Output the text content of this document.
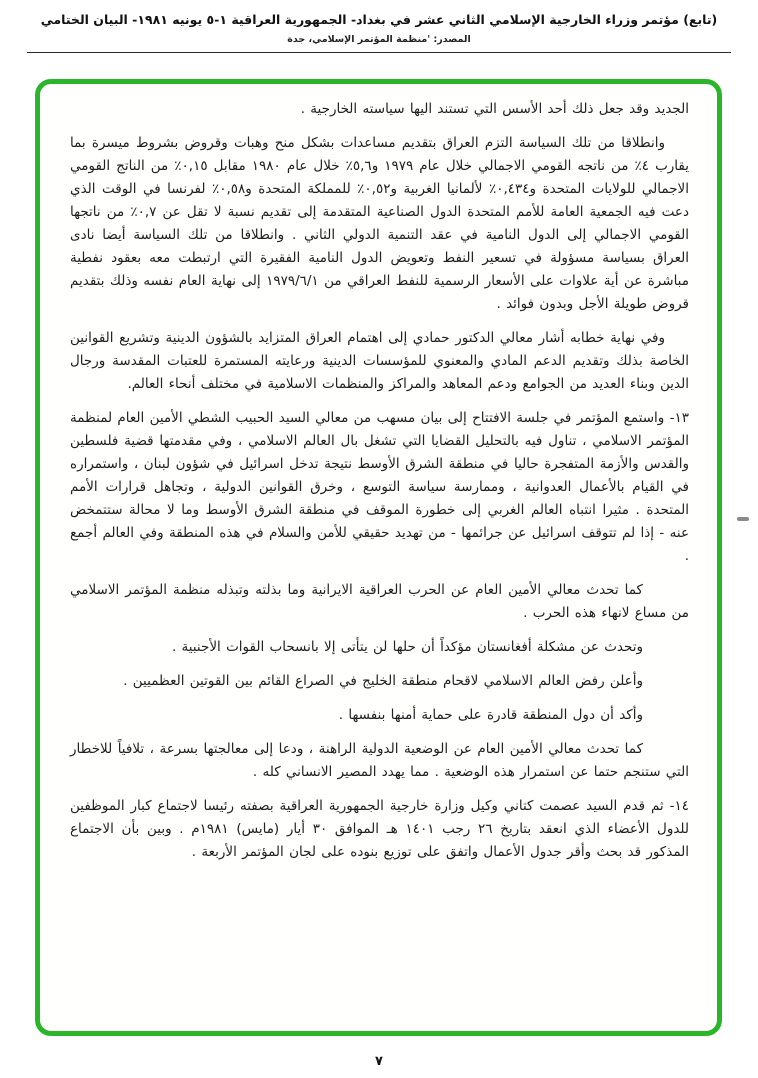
(تابع) مؤتمر وزراء الخارجية الإسلامي الثاني عشر في بغداد- الجمهورية العراقية ١-٥ يونيه ١٩٨١- البيان الختامي
المصدر: 'منظمة المؤتمر الإسلامي، جدة

الجديد وقد جعل ذلك أحد الأسس التي تستند اليها سياسته الخارجية .

وانطلاقا من تلك السياسة التزم العراق بتقديم مساعدات بشكل منح وهبات وقروض بشروط ميسرة بما يقارب ٤٪ من ناتجه القومي الاجمالي خلال عام ١٩٧٩ و٥,٦٪ خلال عام ١٩٨٠ مقابل ٠,١٥٪ من الناتج القومي الاجمالي للولايات المتحدة و٠,٤٣٤٪ لألمانيا الغربية و٠,٥٢٪ للمملكة المتحدة و٠,٥٨٪ لفرنسا في الوقت الذي دعت فيه الجمعية العامة للأمم المتحدة الدول الصناعية المتقدمة إلى تقديم نسبة لا تقل عن ٠,٧٪ من ناتجها القومي الاجمالي إلى الدول النامية في عقد التنمية الدولي الثاني . وانطلاقا من تلك السياسة أيضا نادى العراق بسياسة مسؤولة في تسعير النفط وتعويض الدول النامية الفقيرة التي ارتبطت معه بعقود نفطية مباشرة عن أية علاوات على الأسعار الرسمية للنفط العراقي من ١٩٧٩/٦/١ إلى نهاية العام نفسه وذلك بتقديم قروض طويلة الأجل وبدون فوائد .

وفي نهاية خطابه أشار معالي الدكتور حمادي إلى اهتمام العراق المتزايد بالشؤون الدينية وتشريع القوانين الخاصة بذلك وتقديم الدعم المادي والمعنوي للمؤسسات الدينية ورعايته المستمرة للعتبات المقدسة ورجال الدين وبناء العديد من الجوامع ودعم المعاهد والمراكز والمنظمات الاسلامية في مختلف أنحاء العالم.

١٣- واستمع المؤتمر في جلسة الافتتاح إلى بيان مسهب من معالي السيد الحبيب الشطي الأمين العام لمنظمة المؤتمر الاسلامي ، تناول فيه بالتحليل القضايا التي تشغل بال العالم الاسلامي ، وفي مقدمتها قضية فلسطين والقدس والأزمة المتفجرة حاليا في منطقة الشرق الأوسط نتيجة تدخل اسرائيل في شؤون لبنان ، واستمراره في القيام بالأعمال العدوانية ، وممارسة سياسة التوسع ، وخرق القوانين الدولية ، وتجاهل قرارات الأمم المتحدة . مثيرا انتباه العالم الغربي إلى خطورة الموقف في منطقة الشرق الأوسط وما لا محالة ستتمخض عنه - إذا لم تتوقف اسرائيل عن جرائمها - من تهديد حقيقي للأمن والسلام في هذه المنطقة وفي العالم أجمع .

كما تحدث معالي الأمين العام عن الحرب العراقية الايرانية وما بذلته وتبذله منظمة المؤتمر الاسلامي من مساع لانهاء هذه الحرب .

وتحدث عن مشكلة أفغانستان مؤكداً أن حلها لن يتأتى إلا بانسحاب القوات الأجنبية .

وأعلن رفض العالم الاسلامي لاقحام منطقة الخليج في الصراع القائم بين القوتين العظميين .

وأكد أن دول المنطقة قادرة على حماية أمنها بنفسها .

كما تحدث معالي الأمين العام عن الوضعية الدولية الراهنة ، ودعا إلى معالجتها بسرعة ، تلافياً للاخطار التي ستنجم حتما عن استمرار هذه الوضعية . مما يهدد المصير الانساني كله .

١٤- ثم قدم السيد عصمت كتاني وكيل وزارة خارجية الجمهورية العراقية بصفته رئيسا لاجتماع كبار الموظفين للدول الأعضاء الذي انعقد بتاريخ ٢٦ رجب ١٤٠١ هـ الموافق ٣٠ أيار (مايس) ١٩٨١م . وبين بأن الاجتماع المذكور قد بحث وأقر جدول الأعمال واتفق على توزيع بنوده على لجان المؤتمر الأربعة .

٧
